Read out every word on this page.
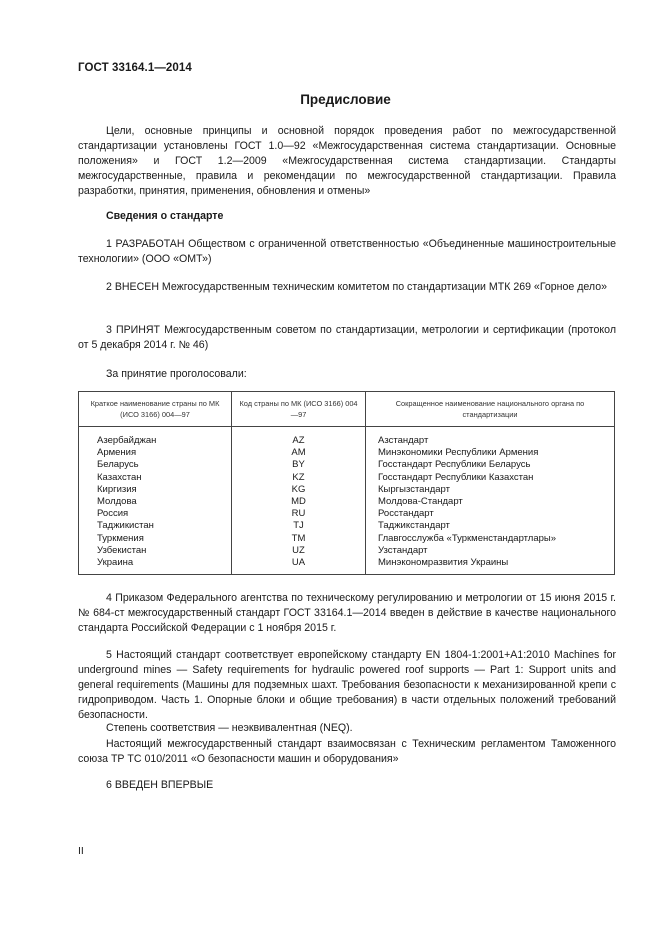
ГОСТ 33164.1—2014
Предисловие

Цели, основные принципы и основной порядок проведения работ по межгосударственной стандартизации установлены ГОСТ 1.0—92 «Межгосударственная система стандартизации. Основные положения» и ГОСТ 1.2—2009 «Межгосударственная система стандартизации. Стандарты межгосударственные, правила и рекомендации по межгосударственной стандартизации. Правила разработки, принятия, применения, обновления и отмены»

Сведения о стандарте

1 РАЗРАБОТАН Обществом с ограниченной ответственностью «Объединенные машиностроительные технологии» (ООО «ОМТ»)

2 ВНЕСЕН Межгосударственным техническим комитетом по стандартизации МТК 269 «Горное дело»

3 ПРИНЯТ Межгосударственным советом по стандартизации, метрологии и сертификации (протокол от 5 декабря 2014 г. № 46)

За принятие проголосовали:
Краткое наименование страны по МК (ИСО 3166) 004—97	Код страны по МК (ИСО 3166) 004—97	Сокращенное наименование национального органа по стандартизации
Азербайджан	AZ	Азстандарт
Армения	AM	Минэкономики Республики Армения
Беларусь	BY	Госстандарт Республики Беларусь
Казахстан	KZ	Госстандарт Республики Казахстан
Киргизия	KG	Кыргызстандарт
Молдова	MD	Молдова-Стандарт
Россия	RU	Росстандарт
Таджикистан	TJ	Таджикстандарт
Туркмения	TM	Главгосслужба «Туркменстандартлары»
Узбекистан	UZ	Узстандарт
Украина	UA	Минэкономразвития Украины

4 Приказом Федерального агентства по техническому регулированию и метрологии от 15 июня 2015 г. № 684-ст межгосударственный стандарт ГОСТ 33164.1—2014 введен в действие в качестве национального стандарта Российской Федерации с 1 ноября 2015 г.

5 Настоящий стандарт соответствует европейскому стандарту EN 1804-1:2001+A1:2010 Machines for underground mines — Safety requirements for hydraulic powered roof supports — Part 1: Support units and general requirements (Машины для подземных шахт. Требования безопасности к механизированной крепи с гидроприводом. Часть 1. Опорные блоки и общие требования) в части отдельных положений требований безопасности.

Степень соответствия — неэквивалентная (NEQ).

Настоящий межгосударственный стандарт взаимосвязан с Техническим регламентом Таможенного союза ТР ТС 010/2011 «О безопасности машин и оборудования»

6 ВВЕДЕН ВПЕРВЫЕ

II
